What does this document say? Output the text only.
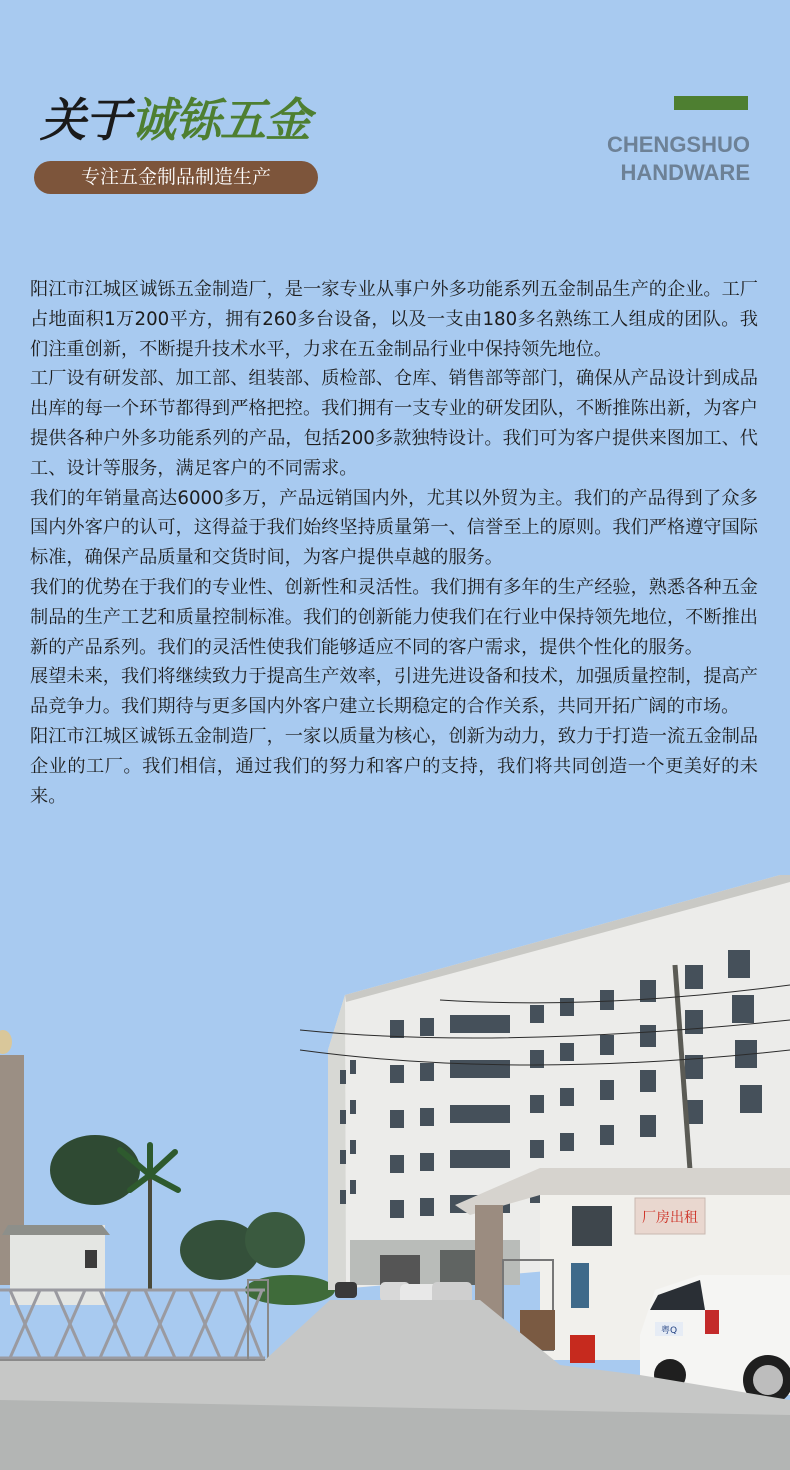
关于诚铄五金
专注五金制品制造生产
CHENGSHUO
HANDWARE

阳江市江城区诚铄五金制造厂，是一家专业从事户外多功能系列五金制品生产的企业。工厂占地面积1万200平方，拥有260多台设备，以及一支由180多名熟练工人组成的团队。我们注重创新，不断提升技术水平，力求在五金制品行业中保持领先地位。

工厂设有研发部、加工部、组装部、质检部、仓库、销售部等部门，确保从产品设计到成品出库的每一个环节都得到严格把控。我们拥有一支专业的研发团队，不断推陈出新，为客户提供各种户外多功能系列的产品，包括200多款独特设计。我们可为客户提供来图加工、代工、设计等服务，满足客户的不同需求。

我们的年销量高达6000多万，产品远销国内外，尤其以外贸为主。我们的产品得到了众多国内外客户的认可，这得益于我们始终坚持质量第一、信誉至上的原则。我们严格遵守国际标准，确保产品质量和交货时间，为客户提供卓越的服务。

我们的优势在于我们的专业性、创新性和灵活性。我们拥有多年的生产经验，熟悉各种五金制品的生产工艺和质量控制标准。我们的创新能力使我们在行业中保持领先地位，不断推出新的产品系列。我们的灵活性使我们能够适应不同的客户需求，提供个性化的服务。

展望未来，我们将继续致力于提高生产效率，引进先进设备和技术，加强质量控制，提高产品竞争力。我们期待与更多国内外客户建立长期稳定的合作关系，共同开拓广阔的市场。

阳江市江城区诚铄五金制造厂，一家以质量为核心，创新为动力，致力于打造一流五金制品企业的工厂。我们相信，通过我们的努力和客户的支持，我们将共同创造一个更美好的未来。

厂房出租
粤Q
